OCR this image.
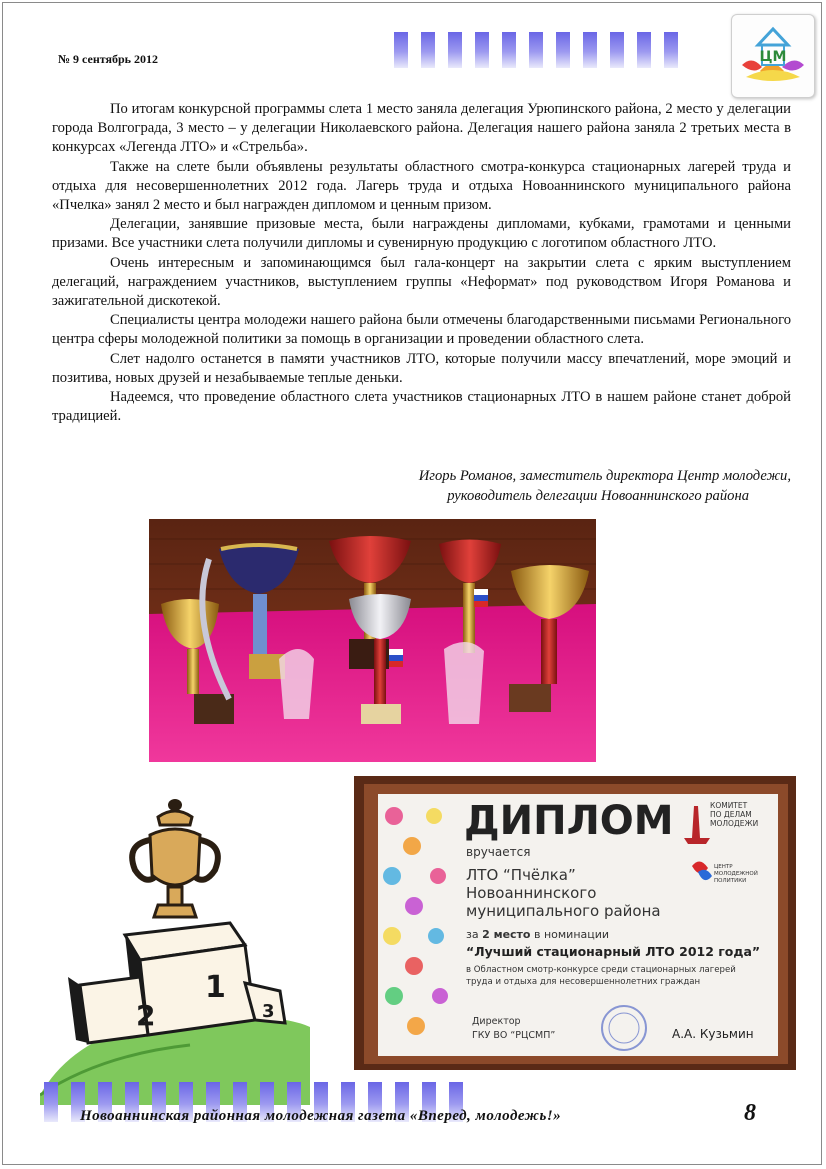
№ 9 сентябрь 2012	ЦМ

По итогам конкурсной программы слета 1 место заняла делегация Урюпинского района, 2 место у делегации города Волгограда, 3 место – у делегации Николаевского района. Делегация нашего района заняла 2 третьих места в конкурсах «Легенда ЛТО» и «Стрельба».

Также на слете были объявлены результаты областного смотра-конкурса стационарных лагерей труда и отдыха для несовершеннолетних 2012 года. Лагерь труда и отдыха Новоаннинского муниципального района «Пчелка» занял 2 место и был награжден дипломом и ценным призом.

Делегации, занявшие призовые места, были награждены дипломами, кубками, грамотами и ценными призами. Все участники слета получили дипломы и сувенирную продукцию с логотипом областного ЛТО.

Очень интересным и запоминающимся был гала-концерт на закрытии слета с ярким выступлением делегаций, награждением участников, выступлением группы «Неформат» под руководством Игоря Романова и зажигательной дискотекой.

Специалисты центра молодежи нашего района были отмечены благодарственными письмами Регионального центра сферы молодежной политики за помощь в организации и проведении областного слета.

Слет надолго останется в памяти участников ЛТО, которые получили массу впечатлений, море эмоций и позитива, новых друзей и незабываемые теплые деньки.

Надеемся, что проведение областного слета участников стационарных ЛТО в нашем районе станет доброй традицией.

Игорь Романов, заместитель директора Центр молодежи,
руководитель делегации Новоаннинского района
1
2	3
ДИПЛОМ
вручается
ЛТО “Пчёлка”
Новоаннинского
муниципального района
за 2 место в номинации
“Лучший стационарный ЛТО 2012 года”
в Областном смотр-конкурсе среди стационарных лагерей
труда и отдыха для несовершеннолетних граждан
Директор
ГКУ ВО “РЦСМП”	А.А. Кузьмин
КОМИТЕТ
ПО ДЕЛАМ
МОЛОДЕЖИ
ЦЕНТР
МОЛОДЕЖНОЙ
ПОЛИТИКИ
Новоаннинская районная молодежная газета «Вперед, молодежь!»	8
